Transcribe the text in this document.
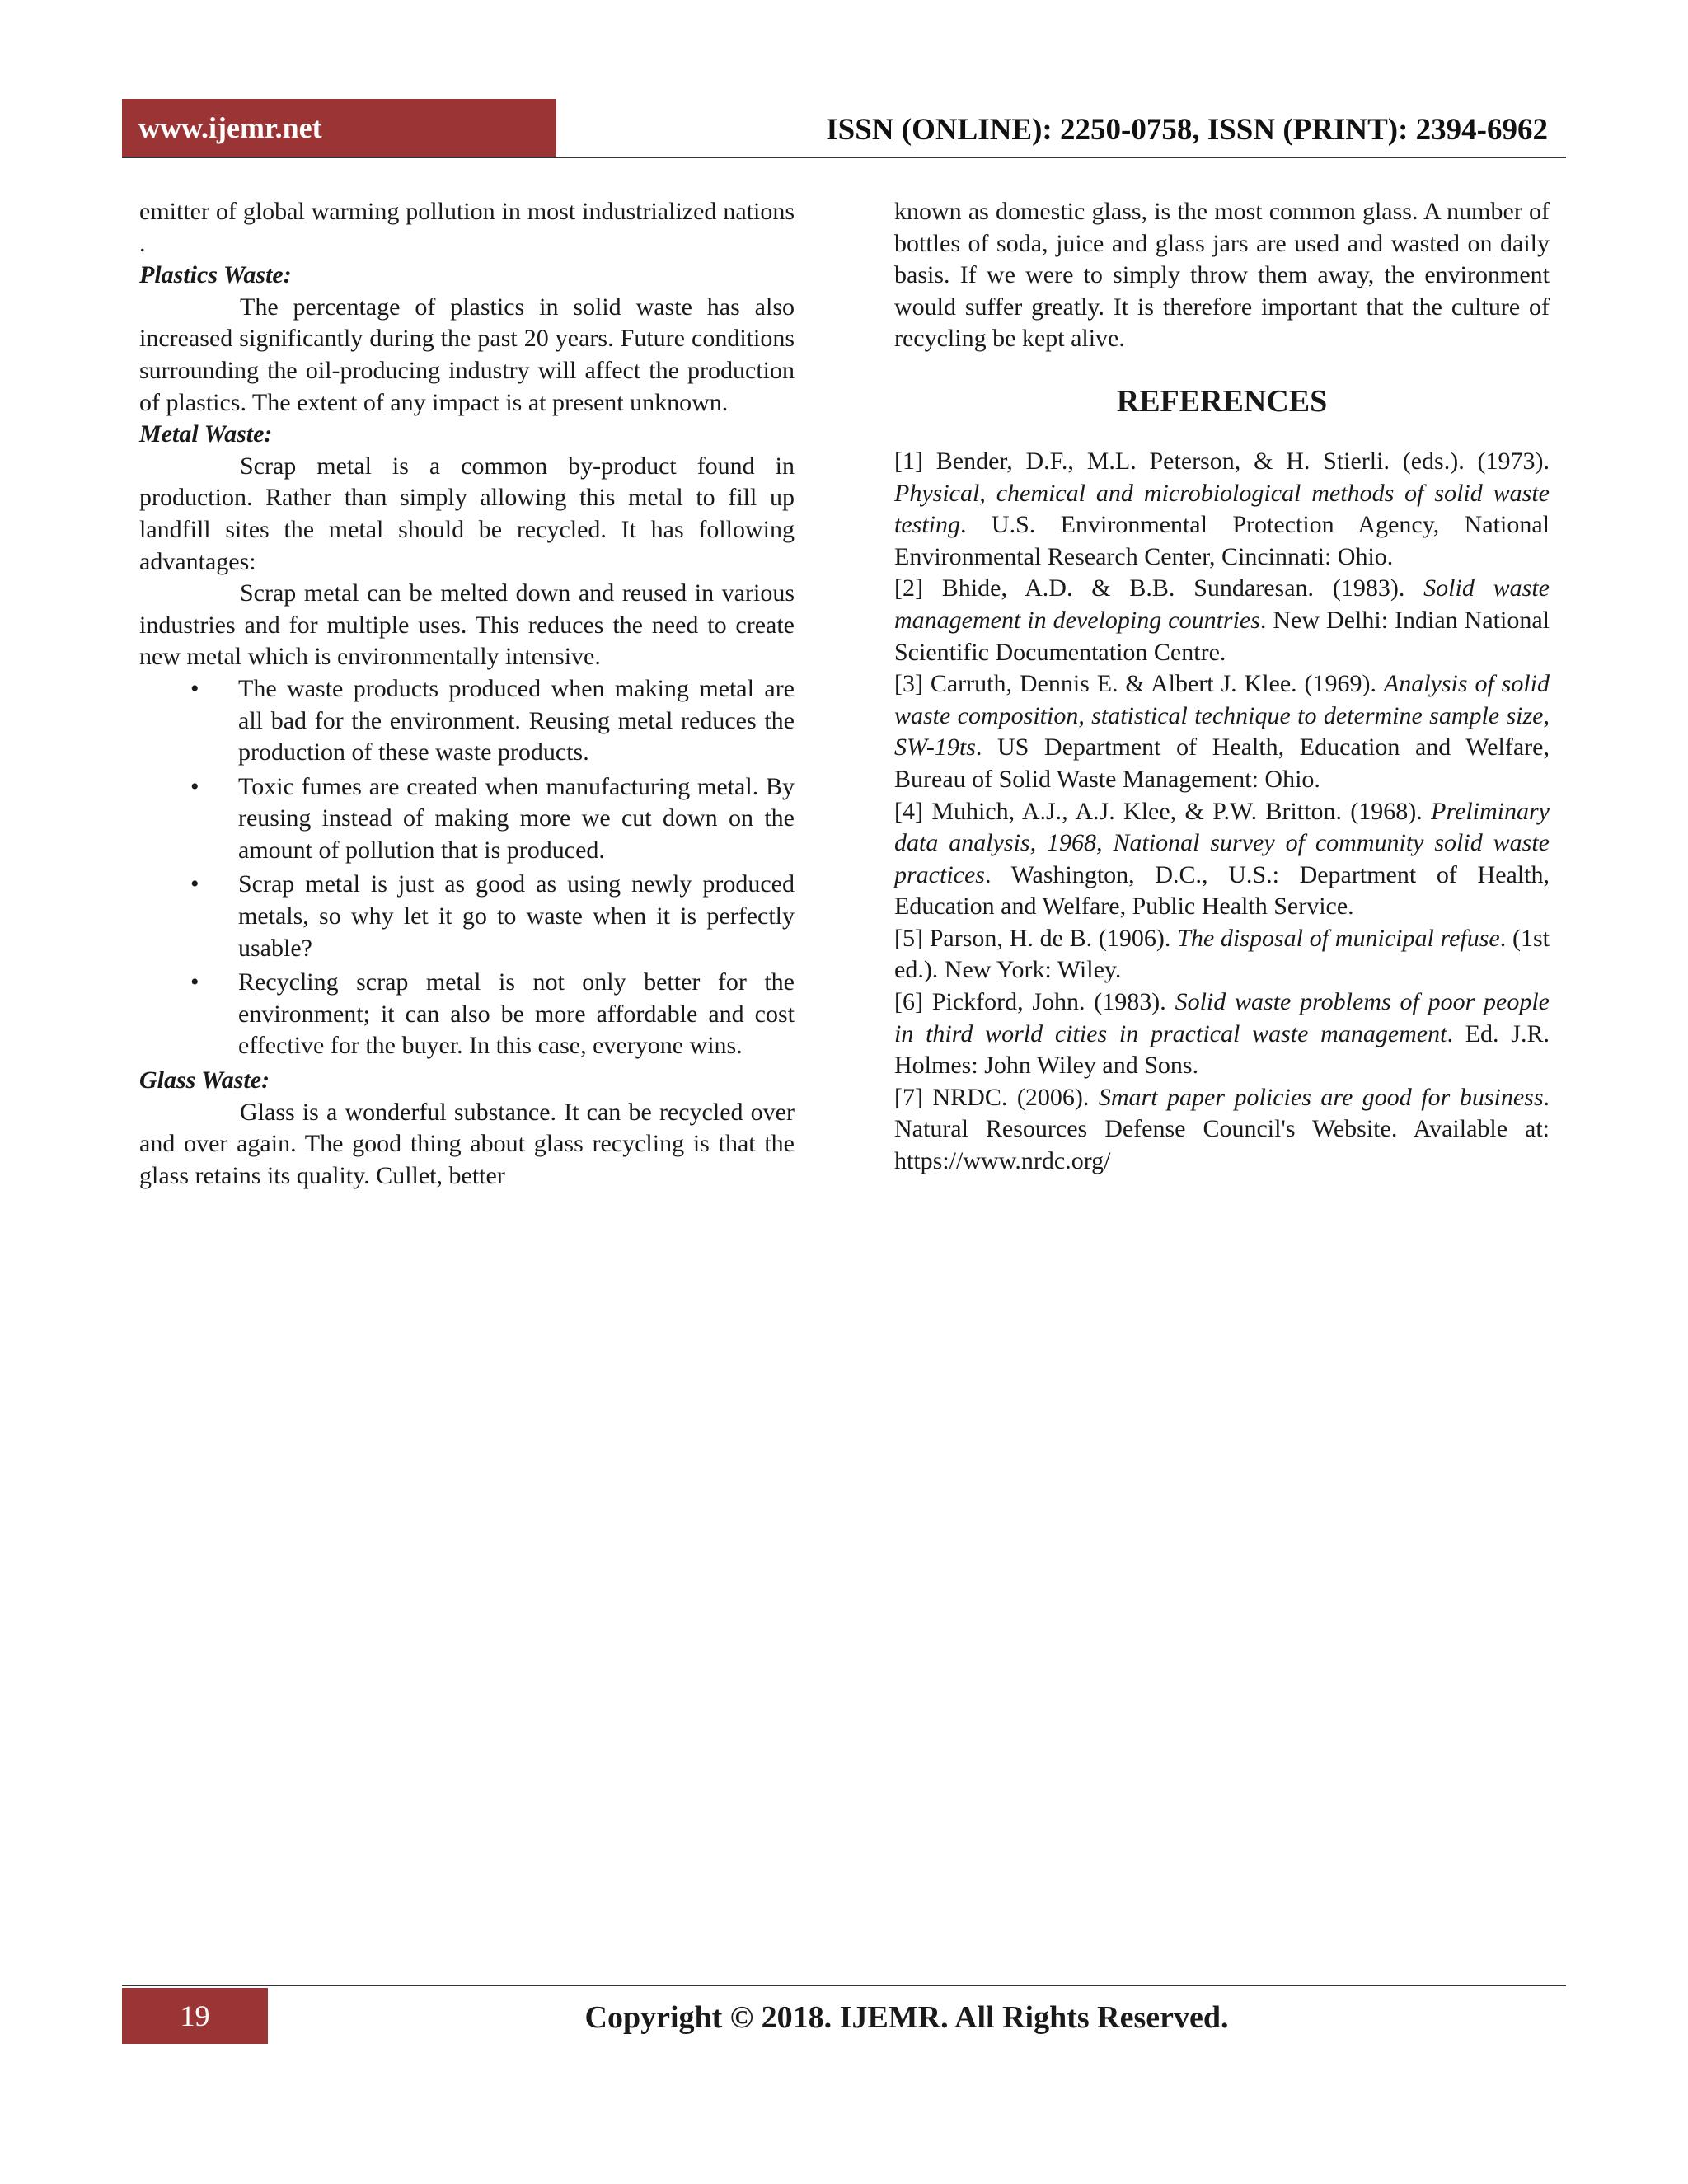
www.ijemr.net	ISSN (ONLINE): 2250-0758, ISSN (PRINT): 2394-6962

emitter of global warming pollution in most industrialized nations .

Plastics Waste:

The percentage of plastics in solid waste has also increased significantly during the past 20 years. Future conditions surrounding the oil-producing industry will affect the production of plastics. The extent of any impact is at present unknown.

Metal Waste:

Scrap metal is a common by-product found in production. Rather than simply allowing this metal to fill up landfill sites the metal should be recycled. It has following advantages:

Scrap metal can be melted down and reused in various industries and for multiple uses. This reduces the need to create new metal which is environmentally intensive.

• The waste products produced when making metal are all bad for the environment. Reusing metal reduces the production of these waste products.
• Toxic fumes are created when manufacturing metal. By reusing instead of making more we cut down on the amount of pollution that is produced.
• Scrap metal is just as good as using newly produced metals, so why let it go to waste when it is perfectly usable?
• Recycling scrap metal is not only better for the environment; it can also be more affordable and cost effective for the buyer. In this case, everyone wins.

Glass Waste:

Glass is a wonderful substance. It can be recycled over and over again. The good thing about glass recycling is that the glass retains its quality. Cullet, better

known as domestic glass, is the most common glass. A number of bottles of soda, juice and glass jars are used and wasted on daily basis. If we were to simply throw them away, the environment would suffer greatly. It is therefore important that the culture of recycling be kept alive.

REFERENCES

[1] Bender, D.F., M.L. Peterson, & H. Stierli. (eds.). (1973). Physical, chemical and microbiological methods of solid waste testing. U.S. Environmental Protection Agency, National Environmental Research Center, Cincinnati: Ohio.

[2] Bhide, A.D. & B.B. Sundaresan. (1983). Solid waste management in developing countries. New Delhi: Indian National Scientific Documentation Centre.

[3] Carruth, Dennis E. & Albert J. Klee. (1969). Analysis of solid waste composition, statistical technique to determine sample size, SW-19ts. US Department of Health, Education and Welfare, Bureau of Solid Waste Management: Ohio.

[4] Muhich, A.J., A.J. Klee, & P.W. Britton. (1968). Preliminary data analysis, 1968, National survey of community solid waste practices. Washington, D.C., U.S.: Department of Health, Education and Welfare, Public Health Service.

[5] Parson, H. de B. (1906). The disposal of municipal refuse. (1st ed.). New York: Wiley.

[6] Pickford, John. (1983). Solid waste problems of poor people in third world cities in practical waste management. Ed. J.R. Holmes: John Wiley and Sons.

[7] NRDC. (2006). Smart paper policies are good for business. Natural Resources Defense Council's Website. Available at: https://www.nrdc.org/

19	Copyright © 2018. IJEMR. All Rights Reserved.
